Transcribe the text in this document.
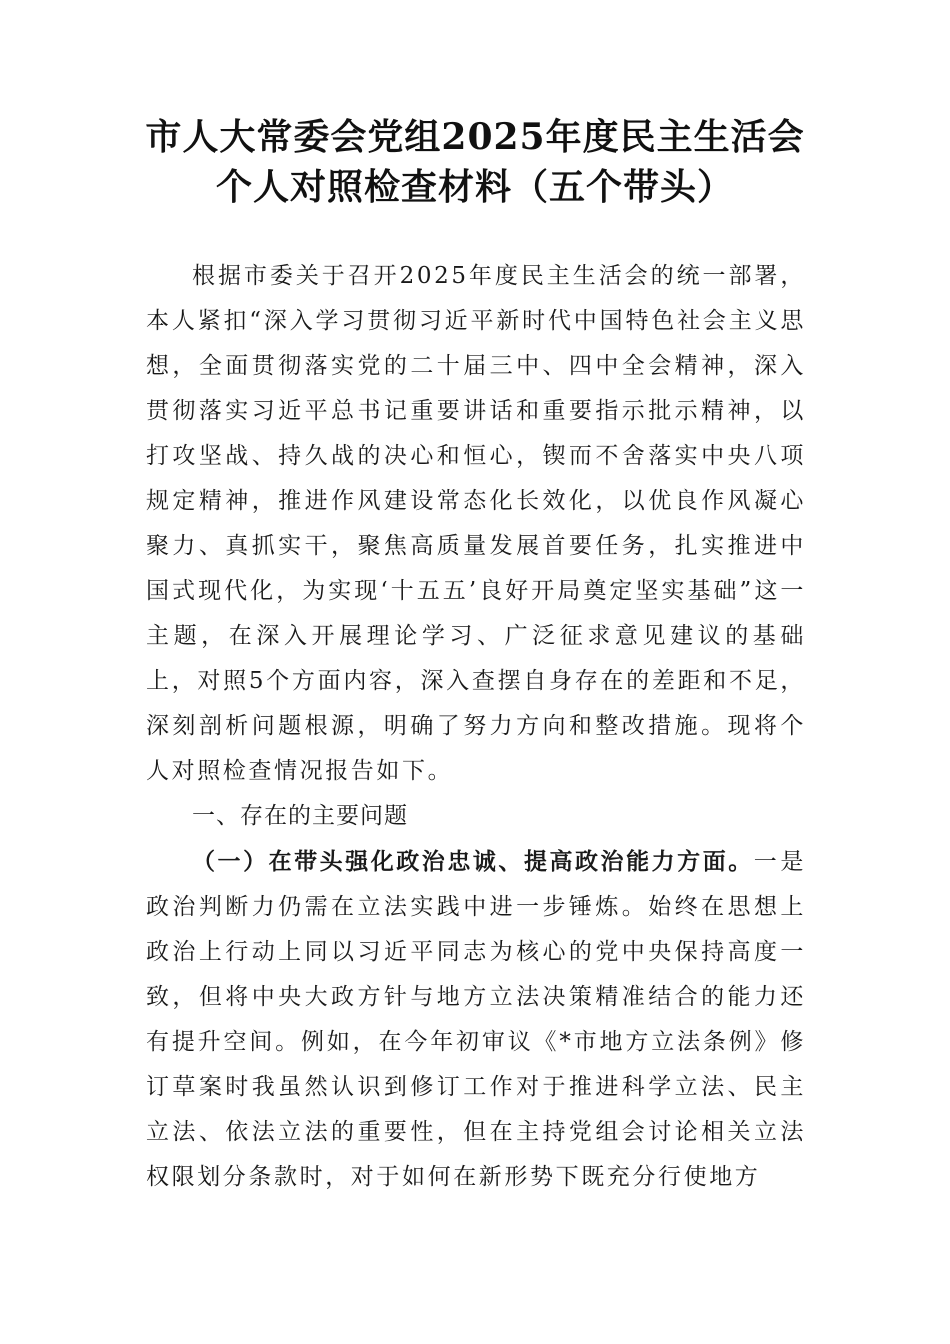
市人大常委会党组2025年度民主生活会个人对照检查材料（五个带头）

根据市委关于召开2025年度民主生活会的统一部署，本人紧扣“深入学习贯彻习近平新时代中国特色社会主义思想，全面贯彻落实党的二十届三中、四中全会精神，深入贯彻落实习近平总书记重要讲话和重要指示批示精神，以打攻坚战、持久战的决心和恒心，锲而不舍落实中央八项规定精神，推进作风建设常态化长效化，以优良作风凝心聚力、真抓实干，聚焦高质量发展首要任务，扎实推进中国式现代化，为实现‘十五五’良好开局奠定坚实基础”这一主题，在深入开展理论学习、广泛征求意见建议的基础上，对照5个方面内容，深入查摆自身存在的差距和不足，深刻剖析问题根源，明确了努力方向和整改措施。现将个人对照检查情况报告如下。

一、存在的主要问题

（一）在带头强化政治忠诚、提高政治能力方面。一是政治判断力仍需在立法实践中进一步锤炼。始终在思想上政治上行动上同以习近平同志为核心的党中央保持高度一致，但将中央大政方针与地方立法决策精准结合的能力还有提升空间。例如，在今年初审议《*市地方立法条例》修订草案时我虽然认识到修订工作对于推进科学立法、民主立法、依法立法的重要性，但在主持党组会讨论相关立法权限划分条款时，对于如何在新形势下既充分行使地方
